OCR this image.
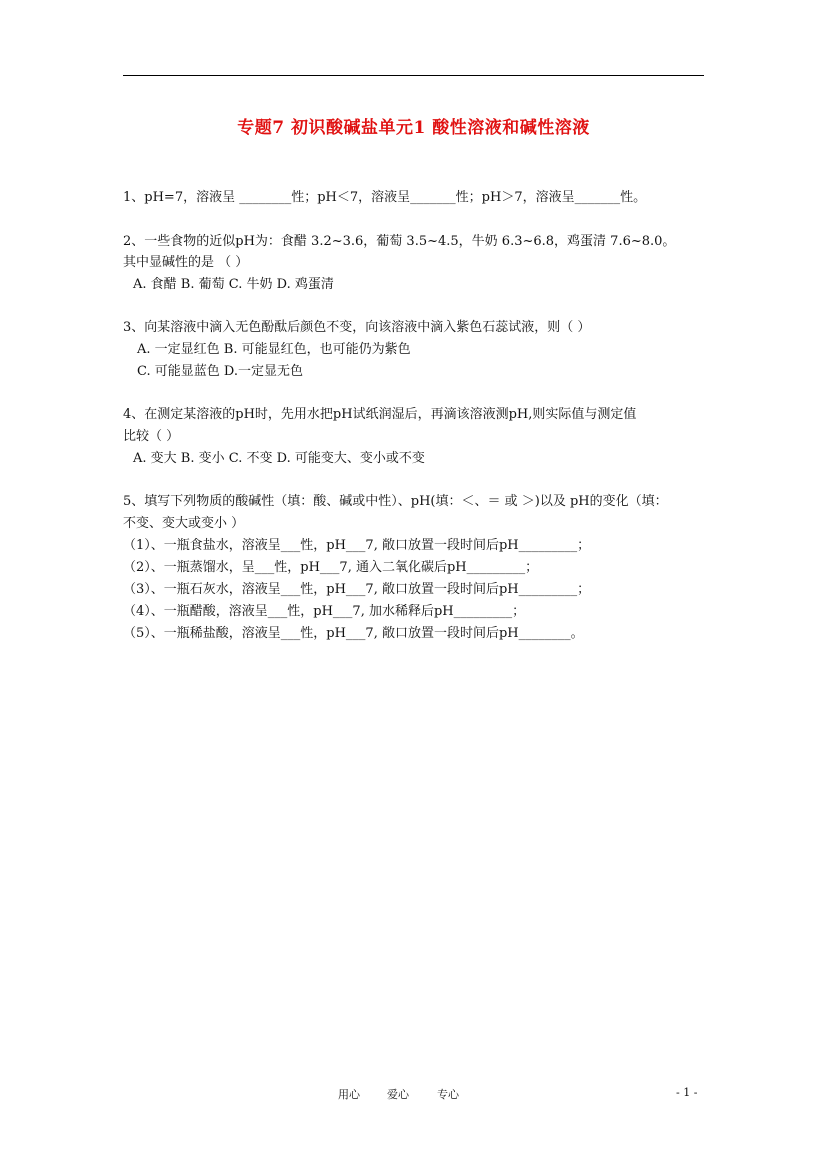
专题7 初识酸碱盐单元1 酸性溶液和碱性溶液
1、pH=7，溶液呈 ________性；pH＜7，溶液呈_______性；pH＞7，溶液呈_______性。
2、一些食物的近似pH为：食醋 3.2~3.6，葡萄 3.5~4.5，牛奶 6.3~6.8，鸡蛋清 7.6~8.0。
其中显碱性的是 （ ）
A. 食醋 B. 葡萄 C. 牛奶 D. 鸡蛋清
3、向某溶液中滴入无色酚酞后颜色不变，向该溶液中滴入紫色石蕊试液，则（ ）
A. 一定显红色 B. 可能显红色，也可能仍为紫色
C. 可能显蓝色 D.一定显无色
4、在测定某溶液的pH时，先用水把pH试纸润湿后，再滴该溶液测pH,则实际值与测定值
比较（ ）
A. 变大 B. 变小 C. 不变 D. 可能变大、变小或不变
5、填写下列物质的酸碱性（填：酸、碱或中性）、pH(填：＜、＝ 或 ＞)以及 pH的变化（填：
不变、变大或变小 ）
（1）、一瓶食盐水，溶液呈___性，pH___7, 敞口放置一段时间后pH_________；
（2）、一瓶蒸馏水，呈___性，pH___7, 通入二氧化碳后pH_________；
（3）、一瓶石灰水，溶液呈___性，pH___7, 敞口放置一段时间后pH_________；
（4）、一瓶醋酸，溶液呈___性，pH___7, 加水稀释后pH_________；
（5）、一瓶稀盐酸，溶液呈___性，pH___7, 敞口放置一段时间后pH________。
用心 爱心	专心	- 1 -
